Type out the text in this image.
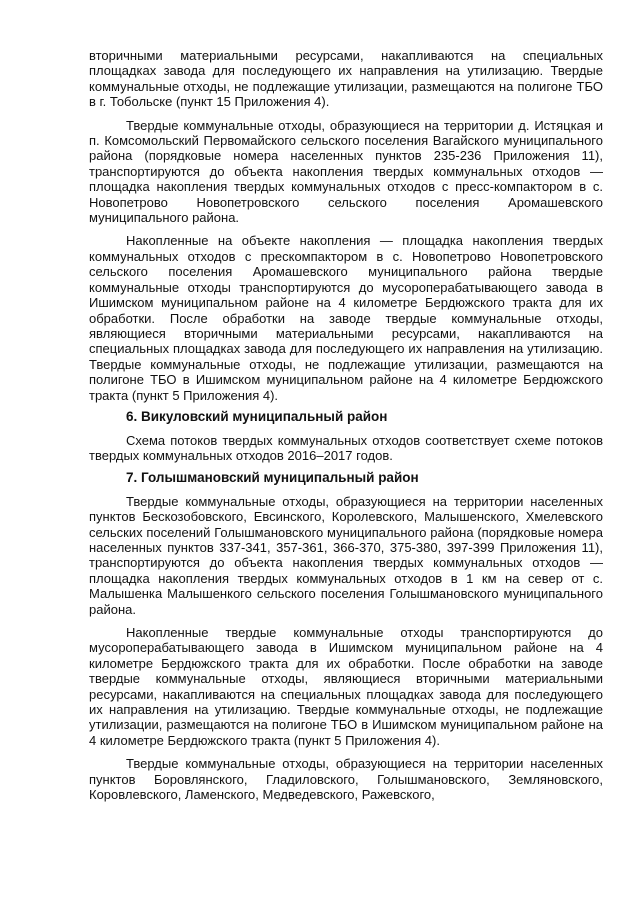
вторичными материальными ресурсами, накапливаются на специальных площадках завода для последующего их направления на утилизацию. Твердые коммунальные отходы, не подлежащие утилизации, размещаются на полигоне ТБО в г. Тобольске (пункт 15 Приложения 4).

Твердые коммунальные отходы, образующиеся на территории д. Истяцкая и п. Комсомольский Первомайского сельского поселения Вагайского муниципального района (порядковые номера населенных пунктов 235-236 Приложения 11), транспортируются до объекта накопления твердых коммунальных отходов — площадка накопления твердых коммунальных отходов с пресс-компактором в с. Новопетрово Новопетровского сельского поселения Аромашевского муниципального района.

Накопленные на объекте накопления — площадка накопления твердых коммунальных отходов с прескомпактором в с. Новопетрово Новопетровского сельского поселения Аромашевского муниципального района твердые коммунальные отходы транспортируются до мусороперабатывающего завода в Ишимском муниципальном районе на 4 километре Бердюжского тракта для их обработки. После обработки на заводе твердые коммунальные отходы, являющиеся вторичными материальными ресурсами, накапливаются на специальных площадках завода для последующего их направления на утилизацию. Твердые коммунальные отходы, не подлежащие утилизации, размещаются на полигоне ТБО в Ишимском муниципальном районе на 4 километре Бердюжского тракта (пункт 5 Приложения 4).

6. Викуловский муниципальный район

Схема потоков твердых коммунальных отходов соответствует схеме потоков твердых коммунальных отходов 2016–2017 годов.

7. Голышмановский муниципальный район

Твердые коммунальные отходы, образующиеся на территории населенных пунктов Бескозобовского, Евсинского, Королевского, Малышенского, Хмелевского сельских поселений Голышмановского муниципального района (порядковые номера населенных пунктов 337-341, 357-361, 366-370, 375-380, 397-399 Приложения 11), транспортируются до объекта накопления твердых коммунальных отходов — площадка накопления твердых коммунальных отходов в 1 км на север от с. Малышенка Малышенкого сельского поселения Голышмановского муниципального района.

Накопленные твердые коммунальные отходы транспортируются до мусороперабатывающего завода в Ишимском муниципальном районе на 4 километре Бердюжского тракта для их обработки. После обработки на заводе твердые коммунальные отходы, являющиеся вторичными материальными ресурсами, накапливаются на специальных площадках завода для последующего их направления на утилизацию. Твердые коммунальные отходы, не подлежащие утилизации, размещаются на полигоне ТБО в Ишимском муниципальном районе на 4 километре Бердюжского тракта (пункт 5 Приложения 4).

Твердые коммунальные отходы, образующиеся на территории населенных пунктов Боровлянского, Гладиловского, Голышмановского, Земляновского, Коровлевского, Ламенского, Медведевского, Ражевского,
